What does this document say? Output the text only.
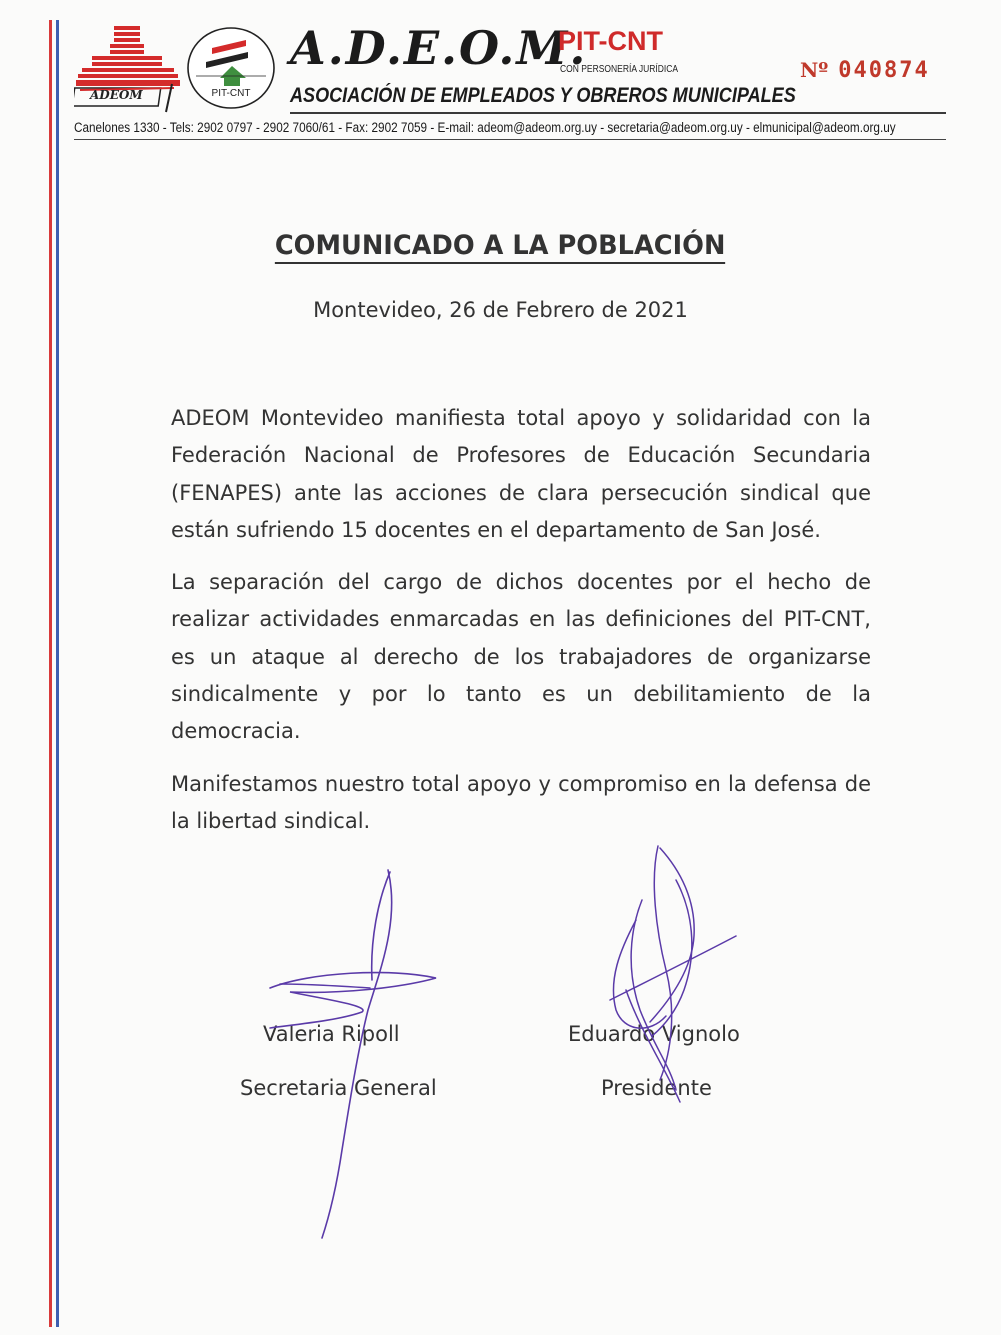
ADEOM	PIT-CNT
A.D.E.O.M.
PIT-CNT
CON PERSONERÍA JURÍDICA
ASOCIACIÓN DE EMPLEADOS Y OBREROS MUNICIPALES
Nº 040874
Canelones 1330 - Tels: 2902 0797 - 2902 7060/61 - Fax: 2902 7059 - E-mail: adeom@adeom.org.uy - secretaria@adeom.org.uy - elmunicipal@adeom.org.uy
COMUNICADO A LA POBLACIÓN
Montevideo, 26 de Febrero de 2021

ADEOM Montevideo manifiesta total apoyo y solidaridad con la Federación Nacional de Profesores de Educación Secundaria (FENAPES) ante las acciones de clara persecución sindical que están sufriendo 15 docentes en el departamento de San José.

La separación del cargo de dichos docentes por el hecho de realizar actividades enmarcadas en las definiciones del PIT-CNT, es un ataque al derecho de los trabajadores de organizarse sindicalmente y por lo tanto es un debilitamiento de la democracia.

Manifestamos nuestro total apoyo y compromiso en la defensa de la libertad sindical.

Valeria Ripoll
Secretaria General
Eduardo Vignolo
Presidente
